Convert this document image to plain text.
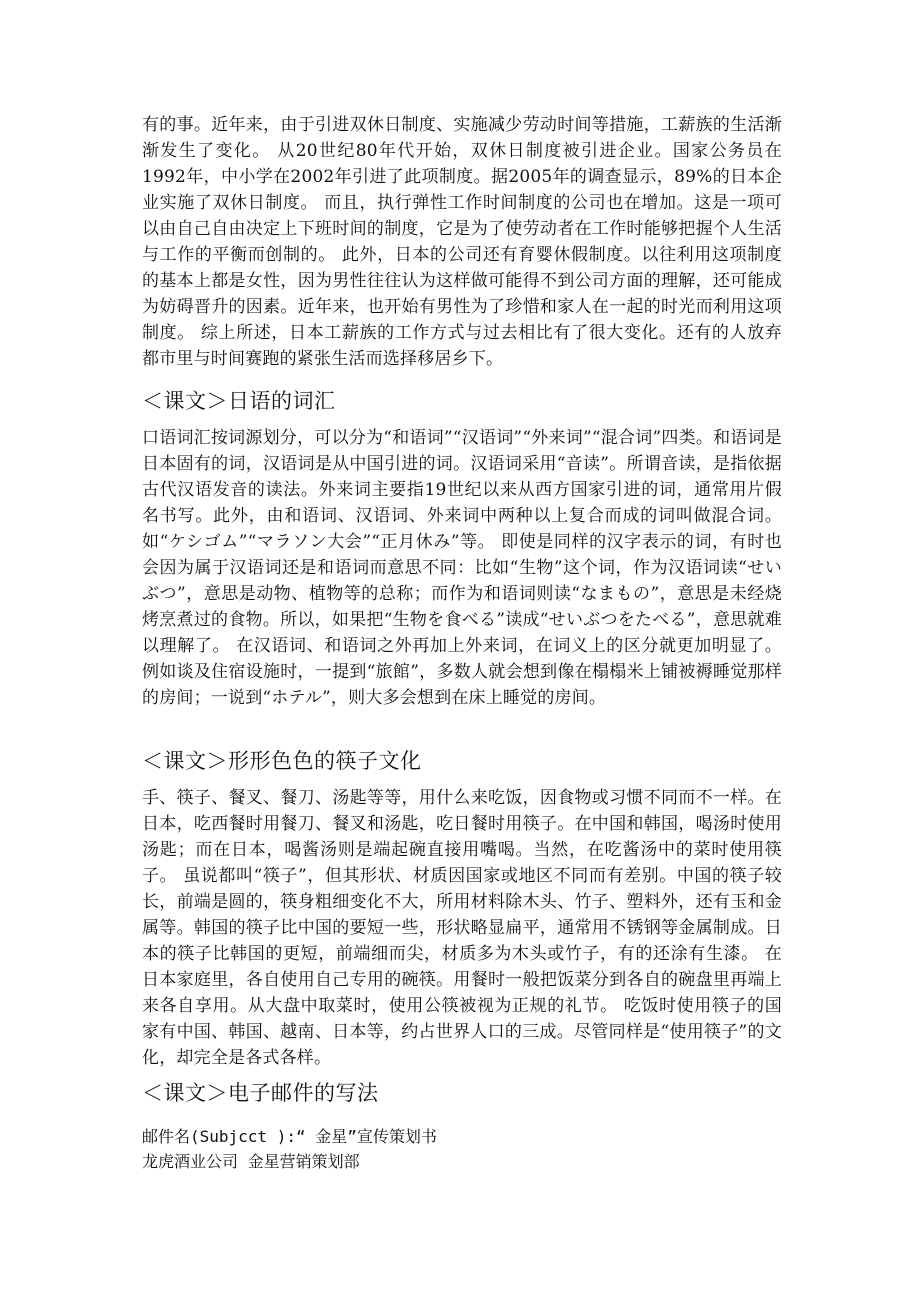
有的事。近年来，由于引进双休日制度、实施减少劳动时间等措施，工薪族的生活渐渐发生了变化。 从20世纪80年代开始，双休日制度被引进企业。国家公务员在1992年，中小学在2002年引进了此项制度。据2005年的调查显示，89%的日本企业实施了双休日制度。 而且，执行弹性工作时间制度的公司也在增加。这是一项可以由自己自由决定上下班时间的制度，它是为了使劳动者在工作时能够把握个人生活与工作的平衡而创制的。 此外，日本的公司还有育婴休假制度。以往利用这项制度的基本上都是女性，因为男性往往认为这样做可能得不到公司方面的理解，还可能成为妨碍晋升的因素。近年来，也开始有男性为了珍惜和家人在一起的时光而利用这项制度。 综上所述，日本工薪族的工作方式与过去相比有了很大变化。还有的人放弃都市里与时间赛跑的紧张生活而选择移居乡下。

＜课文＞日语的词汇

口语词汇按词源划分，可以分为“和语词”“汉语词”“外来词”“混合词”四类。和语词是日本固有的词，汉语词是从中国引进的词。汉语词采用“音读”。所谓音读，是指依据古代汉语发音的读法。外来词主要指19世纪以来从西方国家引进的词，通常用片假名书写。此外，由和语词、汉语词、外来词中两种以上复合而成的词叫做混合词。如“ケシゴム”“マラソン大会”“正月休み”等。 即使是同样的汉字表示的词，有时也会因为属于汉语词还是和语词而意思不同：比如“生物”这个词，作为汉语词读“せいぶつ”，意思是动物、植物等的总称；而作为和语词则读“なまもの”，意思是未经烧烤烹煮过的食物。所以，如果把“生物を食べる”读成“せいぶつをたべる”，意思就难以理解了。 在汉语词、和语词之外再加上外来词，在词义上的区分就更加明显了。例如谈及住宿设施时，一提到“旅館”，多数人就会想到像在榻榻米上铺被褥睡觉那样的房间；一说到“ホテル”，则大多会想到在床上睡觉的房间。

＜课文＞形形色色的筷子文化

手、筷子、餐叉、餐刀、汤匙等等，用什么来吃饭，因食物或习惯不同而不一样。在日本，吃西餐时用餐刀、餐叉和汤匙，吃日餐时用筷子。在中国和韩国，喝汤时使用汤匙；而在日本，喝酱汤则是端起碗直接用嘴喝。当然，在吃酱汤中的菜时使用筷子。 虽说都叫“筷子”，但其形状、材质因国家或地区不同而有差别。中国的筷子较长，前端是圆的，筷身粗细变化不大，所用材料除木头、竹子、塑料外，还有玉和金属等。韩国的筷子比中国的要短一些，形状略显扁平，通常用不锈钢等金属制成。日本的筷子比韩国的更短，前端细而尖，材质多为木头或竹子，有的还涂有生漆。 在日本家庭里，各自使用自己专用的碗筷。用餐时一般把饭菜分到各自的碗盘里再端上来各自享用。从大盘中取菜时，使用公筷被视为正规的礼节。 吃饭时使用筷子的国家有中国、韩国、越南、日本等，约占世界人口的三成。尽管同样是“使用筷子”的文化，却完全是各式各样。

＜课文＞电子邮件的写法
邮件名(Subjcct ):“ 金星”宣传策划书
龙虎酒业公司 金星营销策划部
